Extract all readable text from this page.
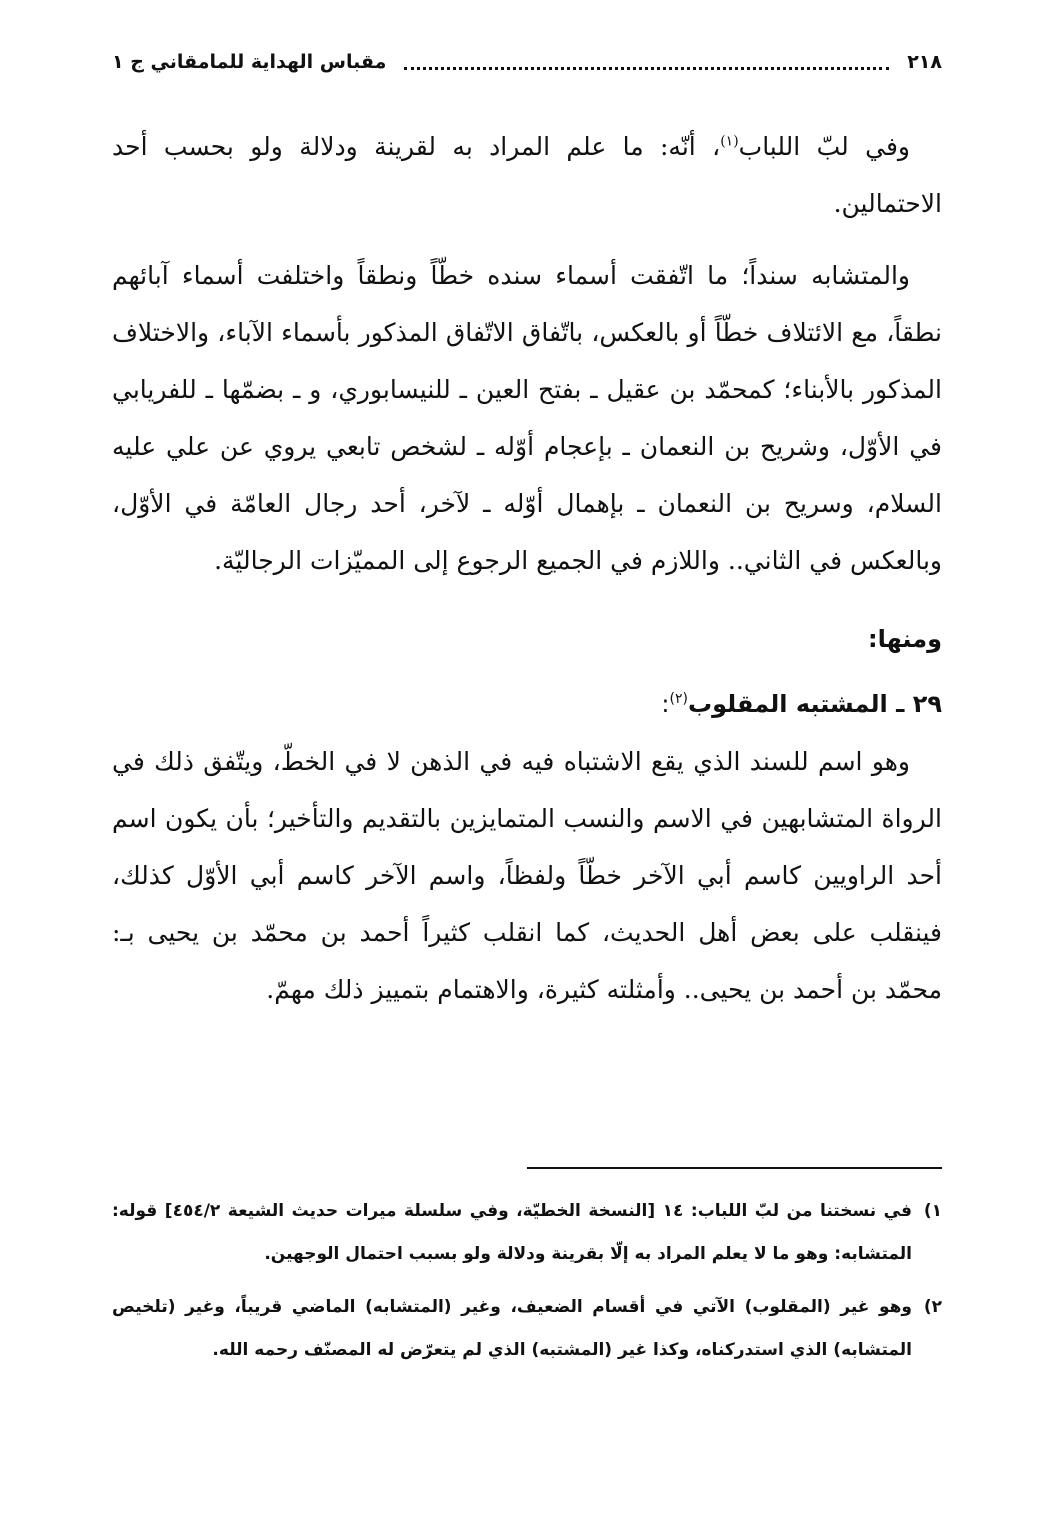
٢١٨
مقباس الهداية للمامقاني ج ١

وفي لبّ اللباب$^{(١)}$، أنّه: ما علم المراد به لقرينة ودلالة ولو بحسب أحد الاحتمالين.

والمتشابه سنداً؛ ما اتّفقت أسماء سنده خطّاً ونطقاً واختلفت أسماء آبائهم نطقاً، مع الائتلاف خطّاً أو بالعكس، باتّفاق الاتّفاق المذكور بأسماء الآباء، والاختلاف المذكور بالأبناء؛ كمحمّد بن عقيل ـ بفتح العين ـ للنيسابوري، و ـ بضمّها ـ للفريابي في الأوّل، وشريح بن النعمان ـ بإعجام أوّله ـ لشخص تابعي يروي عن علي عليه السلام، وسريح بن النعمان ـ بإهمال أوّله ـ لآخر، أحد رجال العامّة في الأوّل، وبالعكس في الثاني.. واللازم في الجميع الرجوع إلى المميّزات الرجاليّة.

ومنها:
٢٩ ـ المشتبه المقلوب$^{(٢)}$:

وهو اسم للسند الذي يقع الاشتباه فيه في الذهن لا في الخطّ، ويتّفق ذلك في الرواة المتشابهين في الاسم والنسب المتمايزين بالتقديم والتأخير؛ بأن يكون اسم أحد الراويين كاسم أبي الآخر خطّاً ولفظاً، واسم الآخر كاسم أبي الأوّل كذلك، فينقلب على بعض أهل الحديث، كما انقلب كثيراً أحمد بن محمّد بن يحيى بـ: محمّد بن أحمد بن يحيى.. وأمثلته كثيرة، والاهتمام بتمييز ذلك مهمّ.

١)
في نسختنا من لبّ اللباب: ١٤ [النسخة الخطيّة، وفي سلسلة ميرات حديث الشيعة ٤٥٤/٢] قوله: المتشابه: وهو ما لا يعلم المراد به إلّا بقرينة ودلالة ولو بسبب احتمال الوجهين.
٢)
وهو غير (المقلوب) الآتي في أقسام الضعيف، وغير (المتشابه) الماضي قريباً، وغير (تلخيص المتشابه) الذي استدركناه، وكذا غير (المشتبه) الذي لم يتعرّض له المصنّف رحمه الله.
